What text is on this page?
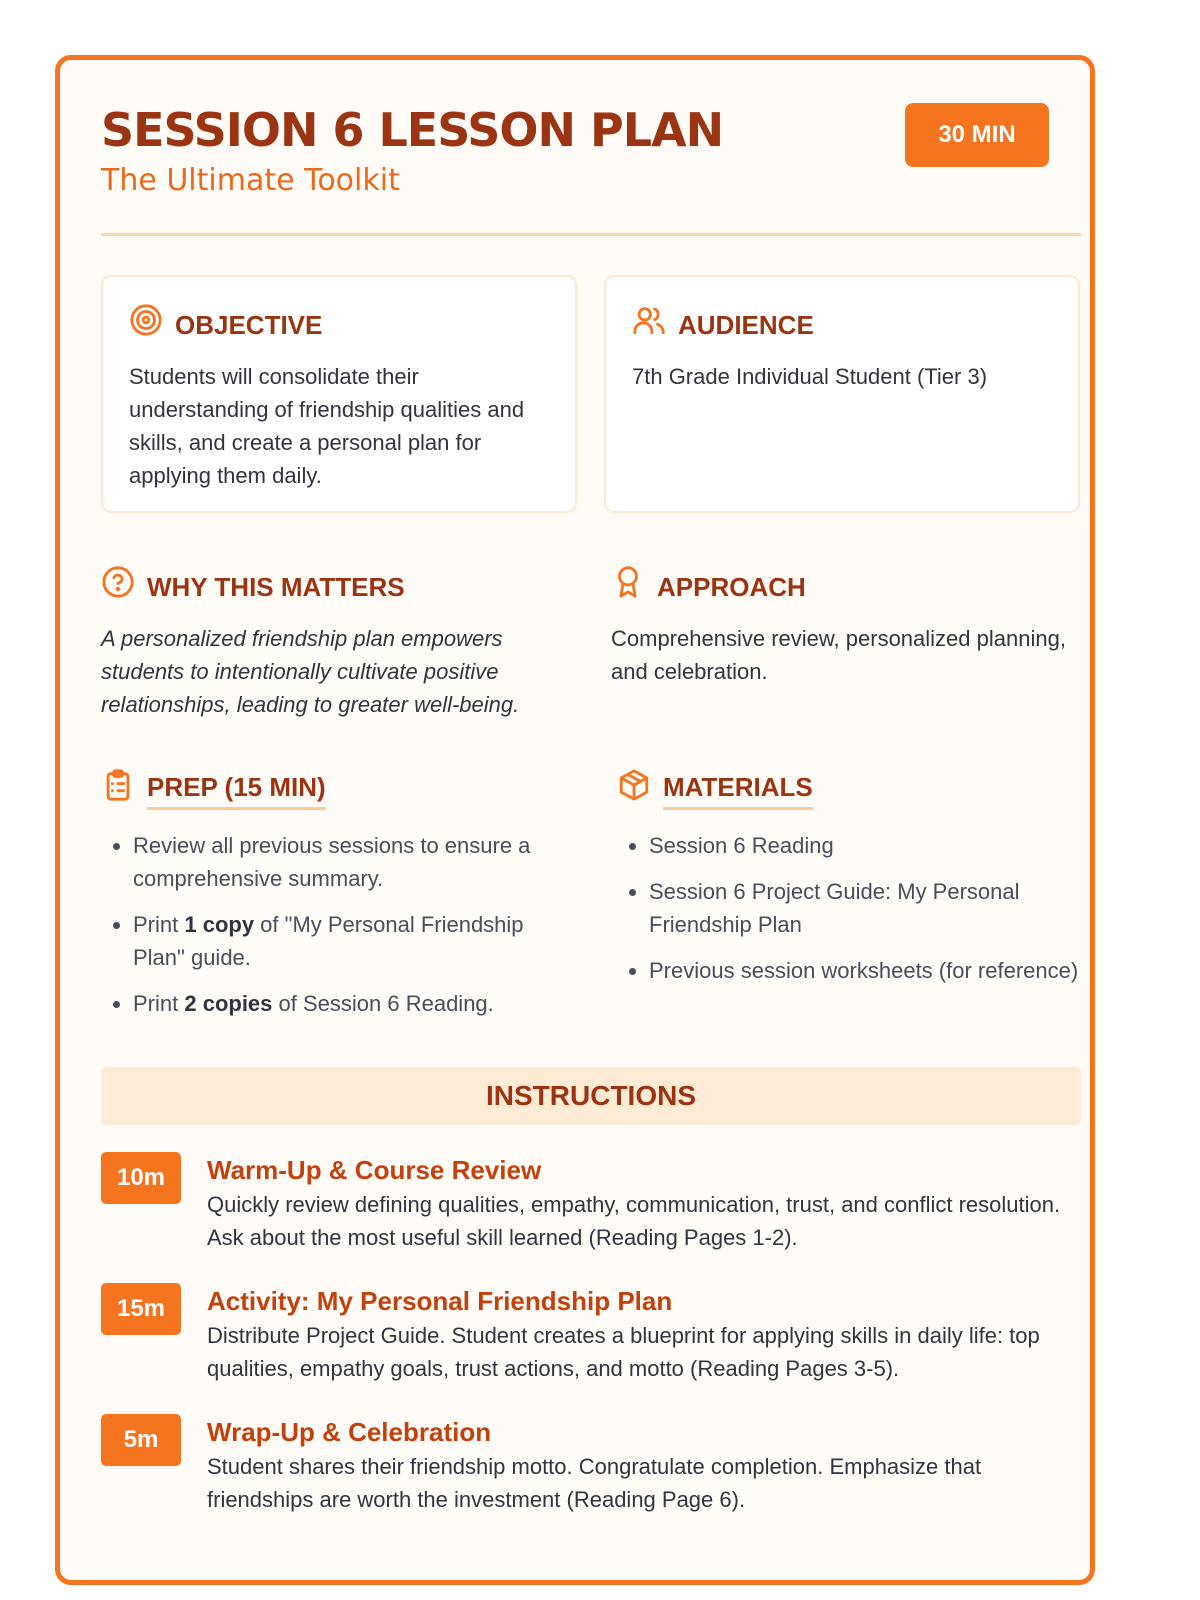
SESSION 6 LESSON PLAN
The Ultimate Toolkit
30 MIN
OBJECTIVE
Students will consolidate their understanding of friendship qualities and skills, and create a personal plan for applying them daily.
AUDIENCE
7th Grade Individual Student (Tier 3)
WHY THIS MATTERS
A personalized friendship plan empowers students to intentionally cultivate positive relationships, leading to greater well-being.
APPROACH
Comprehensive review, personalized planning, and celebration.
PREP (15 MIN)
• Review all previous sessions to ensure a comprehensive summary.
• Print 1 copy of "My Personal Friendship Plan" guide.
• Print 2 copies of Session 6 Reading.
MATERIALS
• Session 6 Reading
• Session 6 Project Guide: My Personal Friendship Plan
• Previous session worksheets (for reference)
INSTRUCTIONS
10m	Warm-Up & Course Review
Quickly review defining qualities, empathy, communication, trust, and conflict resolution. Ask about the most useful skill learned (Reading Pages 1-2).
15m	Activity: My Personal Friendship Plan
Distribute Project Guide. Student creates a blueprint for applying skills in daily life: top qualities, empathy goals, trust actions, and motto (Reading Pages 3-5).
5m	Wrap-Up & Celebration
Student shares their friendship motto. Congratulate completion. Emphasize that friendships are worth the investment (Reading Page 6).
